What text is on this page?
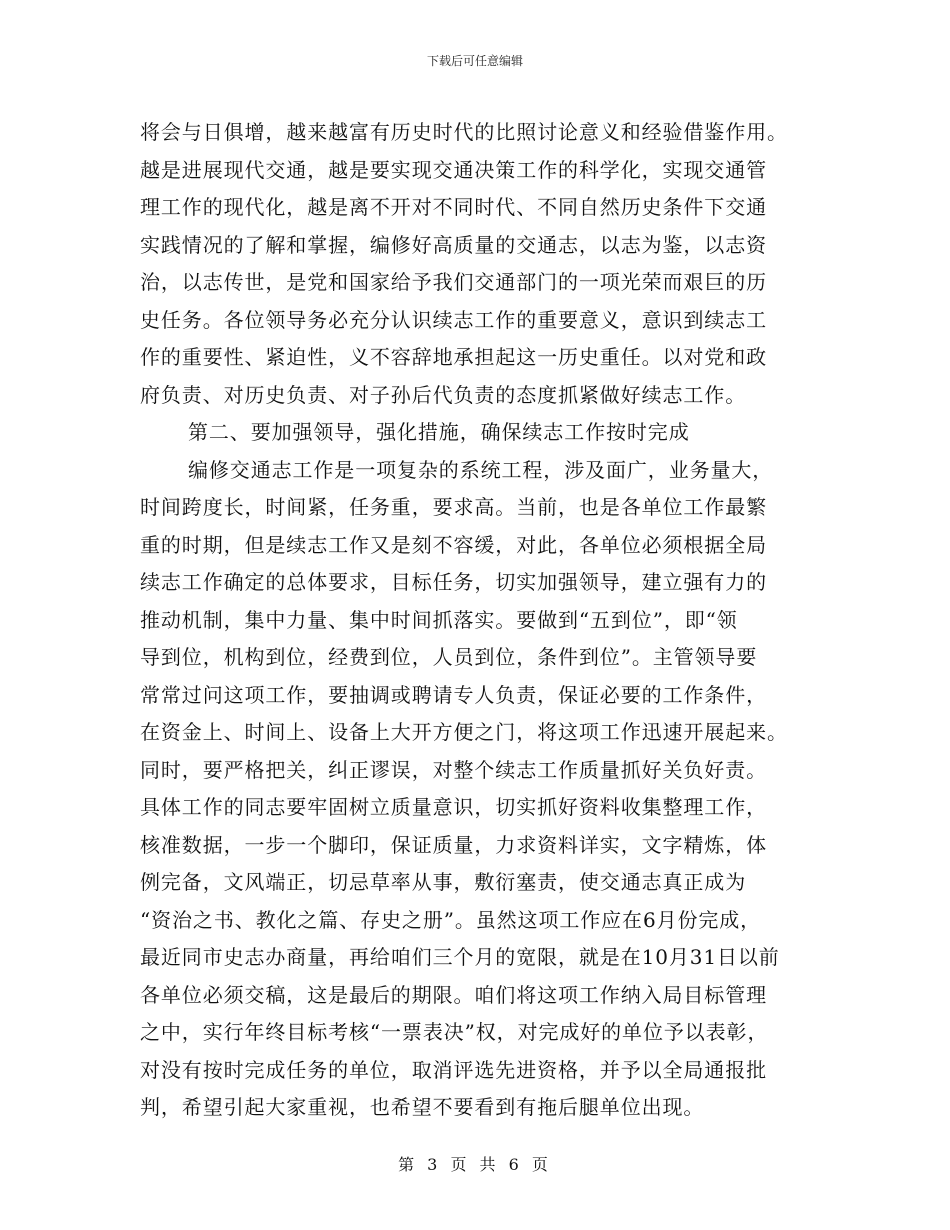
下载后可任意编辑
将会与日俱增，越来越富有历史时代的比照讨论意义和经验借鉴作用。
越是进展现代交通，越是要实现交通决策工作的科学化，实现交通管
理工作的现代化，越是离不开对不同时代、不同自然历史条件下交通
实践情况的了解和掌握，编修好高质量的交通志，以志为鉴，以志资
治，以志传世，是党和国家给予我们交通部门的一项光荣而艰巨的历
史任务。各位领导务必充分认识续志工作的重要意义，意识到续志工
作的重要性、紧迫性，义不容辞地承担起这一历史重任。以对党和政
府负责、对历史负责、对子孙后代负责的态度抓紧做好续志工作。
第二、要加强领导，强化措施，确保续志工作按时完成
编修交通志工作是一项复杂的系统工程，涉及面广，业务量大，
时间跨度长，时间紧，任务重，要求高。当前，也是各单位工作最繁
重的时期，但是续志工作又是刻不容缓，对此，各单位必须根据全局
续志工作确定的总体要求，目标任务，切实加强领导，建立强有力的
推动机制，集中力量、集中时间抓落实。要做到“五到位”，即“领
导到位，机构到位，经费到位，人员到位，条件到位”。主管领导要
常常过问这项工作，要抽调或聘请专人负责，保证必要的工作条件，
在资金上、时间上、设备上大开方便之门，将这项工作迅速开展起来。
同时，要严格把关，纠正谬误，对整个续志工作质量抓好关负好责。
具体工作的同志要牢固树立质量意识，切实抓好资料收集整理工作，
核准数据，一步一个脚印，保证质量，力求资料详实，文字精炼，体
例完备，文风端正，切忌草率从事，敷衍塞责，使交通志真正成为
“资治之书、教化之篇、存史之册”。虽然这项工作应在6月份完成，
最近同市史志办商量，再给咱们三个月的宽限，就是在10月31日以前
各单位必须交稿，这是最后的期限。咱们将这项工作纳入局目标管理
之中，实行年终目标考核“一票表决”权，对完成好的单位予以表彰，
对没有按时完成任务的单位，取消评选先进资格，并予以全局通报批
判，希望引起大家重视，也希望不要看到有拖后腿单位出现。
第 3 页 共 6 页
